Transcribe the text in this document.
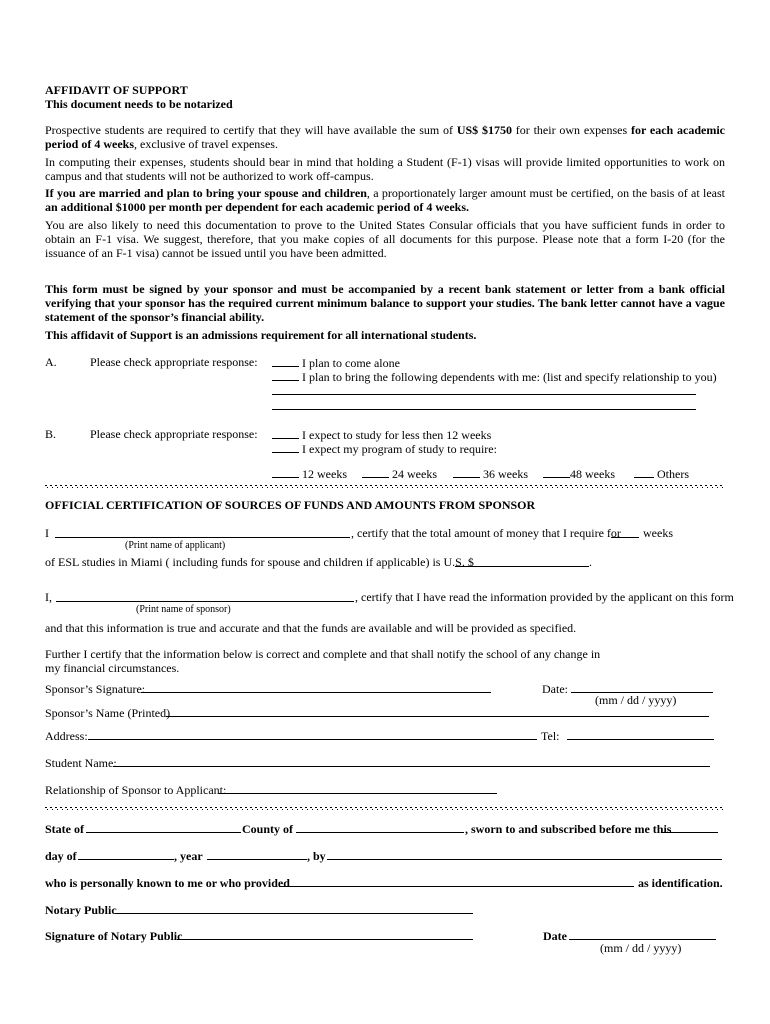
AFFIDAVIT OF SUPPORT
This document needs to be notarized
Prospective students are required to certify that they will have available the sum of US$ $1750 for their own expenses for each academic period of 4 weeks, exclusive of travel expenses.
In computing their expenses, students should bear in mind that holding a Student (F-1) visas will provide limited opportunities to work on campus and that students will not be authorized to work off-campus.
If you are married and plan to bring your spouse and children, a proportionately larger amount must be certified, on the basis of at least an additional $1000 per month per dependent for each academic period of 4 weeks.
You are also likely to need this documentation to prove to the United States Consular officials that you have sufficient funds in order to obtain an F-1 visa. We suggest, therefore, that you make copies of all documents for this purpose. Please note that a form I-20 (for the issuance of an F-1 visa) cannot be issued until you have been admitted.
This form must be signed by your sponsor and must be accompanied by a recent bank statement or letter from a bank official verifying that your sponsor has the required current minimum balance to support your studies. The bank letter cannot have a vague statement of the sponsor’s financial ability.
This affidavit of Support is an admissions requirement for all international students.
A.	Please check appropriate response:	I plan to come alone
I plan to bring the following dependents with me: (list and specify relationship to you)
B.	Please check appropriate response:	I expect to study for less then 12 weeks
I expect my program of study to require:
12 weeks	24 weeks	36 weeks	48 weeks	Others
OFFICIAL CERTIFICATION OF SOURCES OF FUNDS AND AMOUNTS FROM SPONSOR
I	, certify that the total amount of money that I require for weeks
(Print name of applicant)
of ESL studies in Miami ( including funds for spouse and children if applicable) is U.S. $	.
I,	, certify that I have read the information provided by the applicant on this form
(Print name of sponsor)
and that this information is true and accurate and that the funds are available and will be provided as specified.
Further I certify that the information below is correct and complete and that shall notify the school of any change in my financial circumstances.
Sponsor’s Signature:	Date:
(mm / dd / yyyy)
Sponsor’s Name (Printed)
Address:	Tel:
Student Name:
Relationship of Sponsor to Applicant:
State of	County of	, sworn to and subscribed before me this
day of	, year	, by
who is personally known to me or who provided	as identification.
Notary Public
Signature of Notary Public	Date
(mm / dd / yyyy)
